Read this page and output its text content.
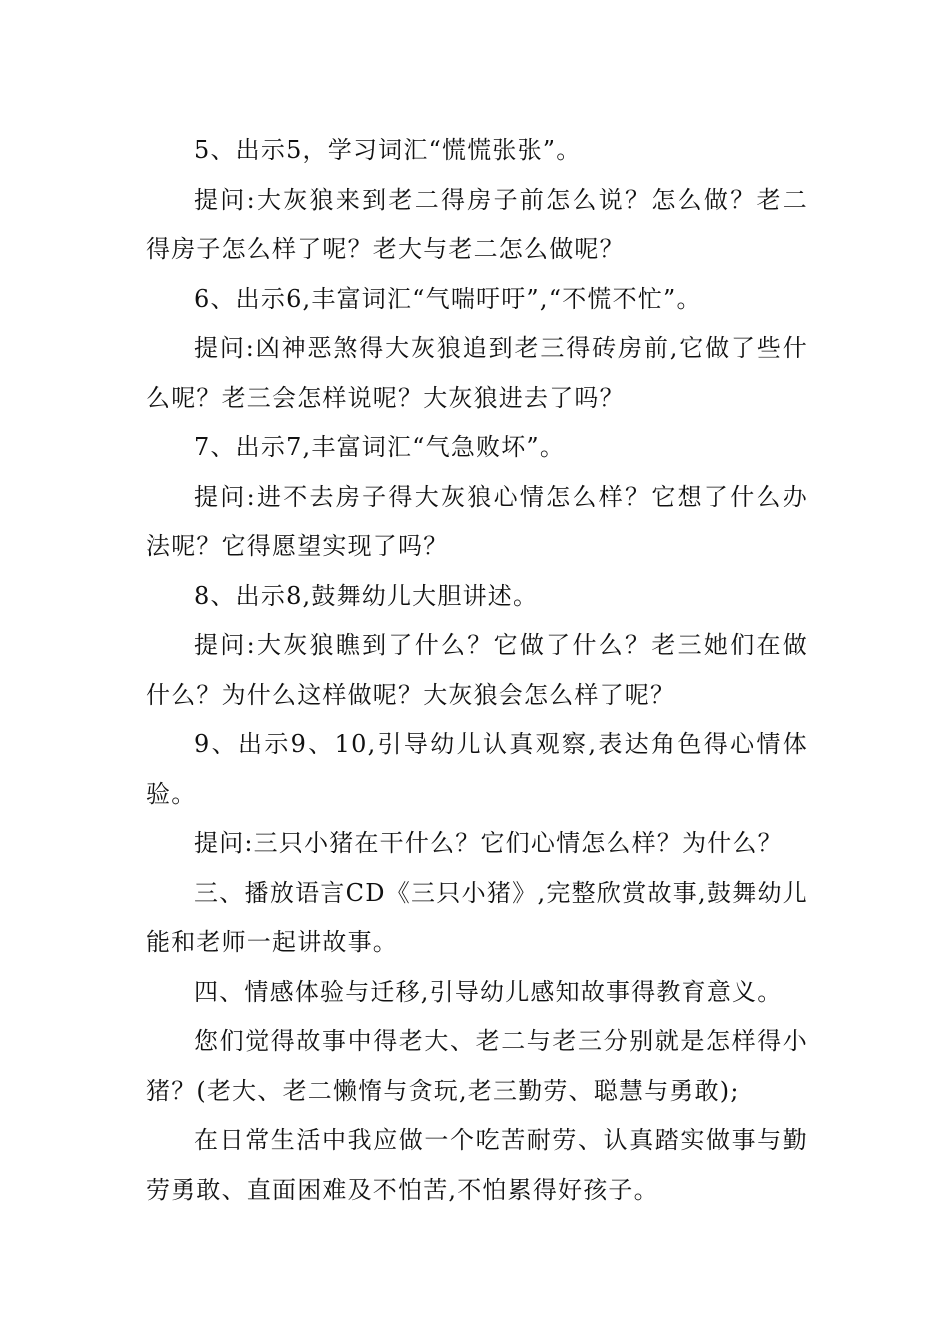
5、出示5，学习词汇“慌慌张张”。

提问:大灰狼来到老二得房子前怎么说？怎么做？老二得房子怎么样了呢？老大与老二怎么做呢？

6、出示6,丰富词汇“气喘吁吁”,“不慌不忙”。

提问:凶神恶煞得大灰狼追到老三得砖房前,它做了些什么呢？老三会怎样说呢？大灰狼进去了吗？

7、出示7,丰富词汇“气急败坏”。

提问:进不去房子得大灰狼心情怎么样？它想了什么办法呢？它得愿望实现了吗？

8、出示8,鼓舞幼儿大胆讲述。

提问:大灰狼瞧到了什么？它做了什么？老三她们在做什么？为什么这样做呢？大灰狼会怎么样了呢？

9、出示9、10,引导幼儿认真观察,表达角色得心情体验。

提问:三只小猪在干什么？它们心情怎么样？为什么？

三、播放语言CD《三只小猪》,完整欣赏故事,鼓舞幼儿能和老师一起讲故事。

四、情感体验与迁移,引导幼儿感知故事得教育意义。

您们觉得故事中得老大、老二与老三分别就是怎样得小猪？(老大、老二懒惰与贪玩,老三勤劳、聪慧与勇敢);

在日常生活中我应做一个吃苦耐劳、认真踏实做事与勤劳勇敢、直面困难及不怕苦,不怕累得好孩子。
